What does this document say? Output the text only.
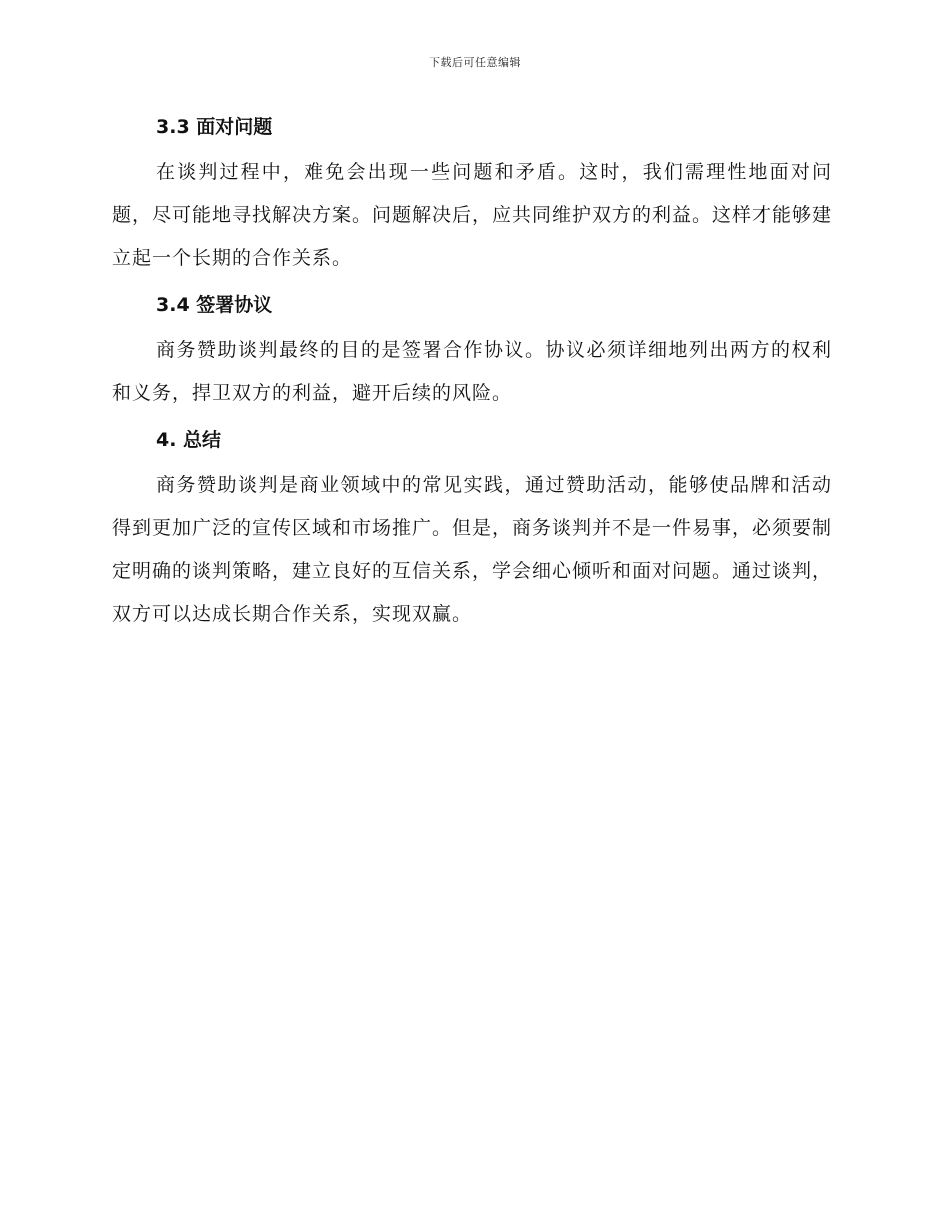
下载后可任意编辑
3.3 面对问题

在谈判过程中，难免会出现一些问题和矛盾。这时，我们需理性地面对问题，尽可能地寻找解决方案。问题解决后，应共同维护双方的利益。这样才能够建立起一个长期的合作关系。

3.4 签署协议

商务赞助谈判最终的目的是签署合作协议。协议必须详细地列出两方的权利和义务，捍卫双方的利益，避开后续的风险。

4. 总结

商务赞助谈判是商业领域中的常见实践，通过赞助活动，能够使品牌和活动得到更加广泛的宣传区域和市场推广。但是，商务谈判并不是一件易事，必须要制定明确的谈判策略，建立良好的互信关系，学会细心倾听和面对问题。通过谈判，双方可以达成长期合作关系，实现双赢。
